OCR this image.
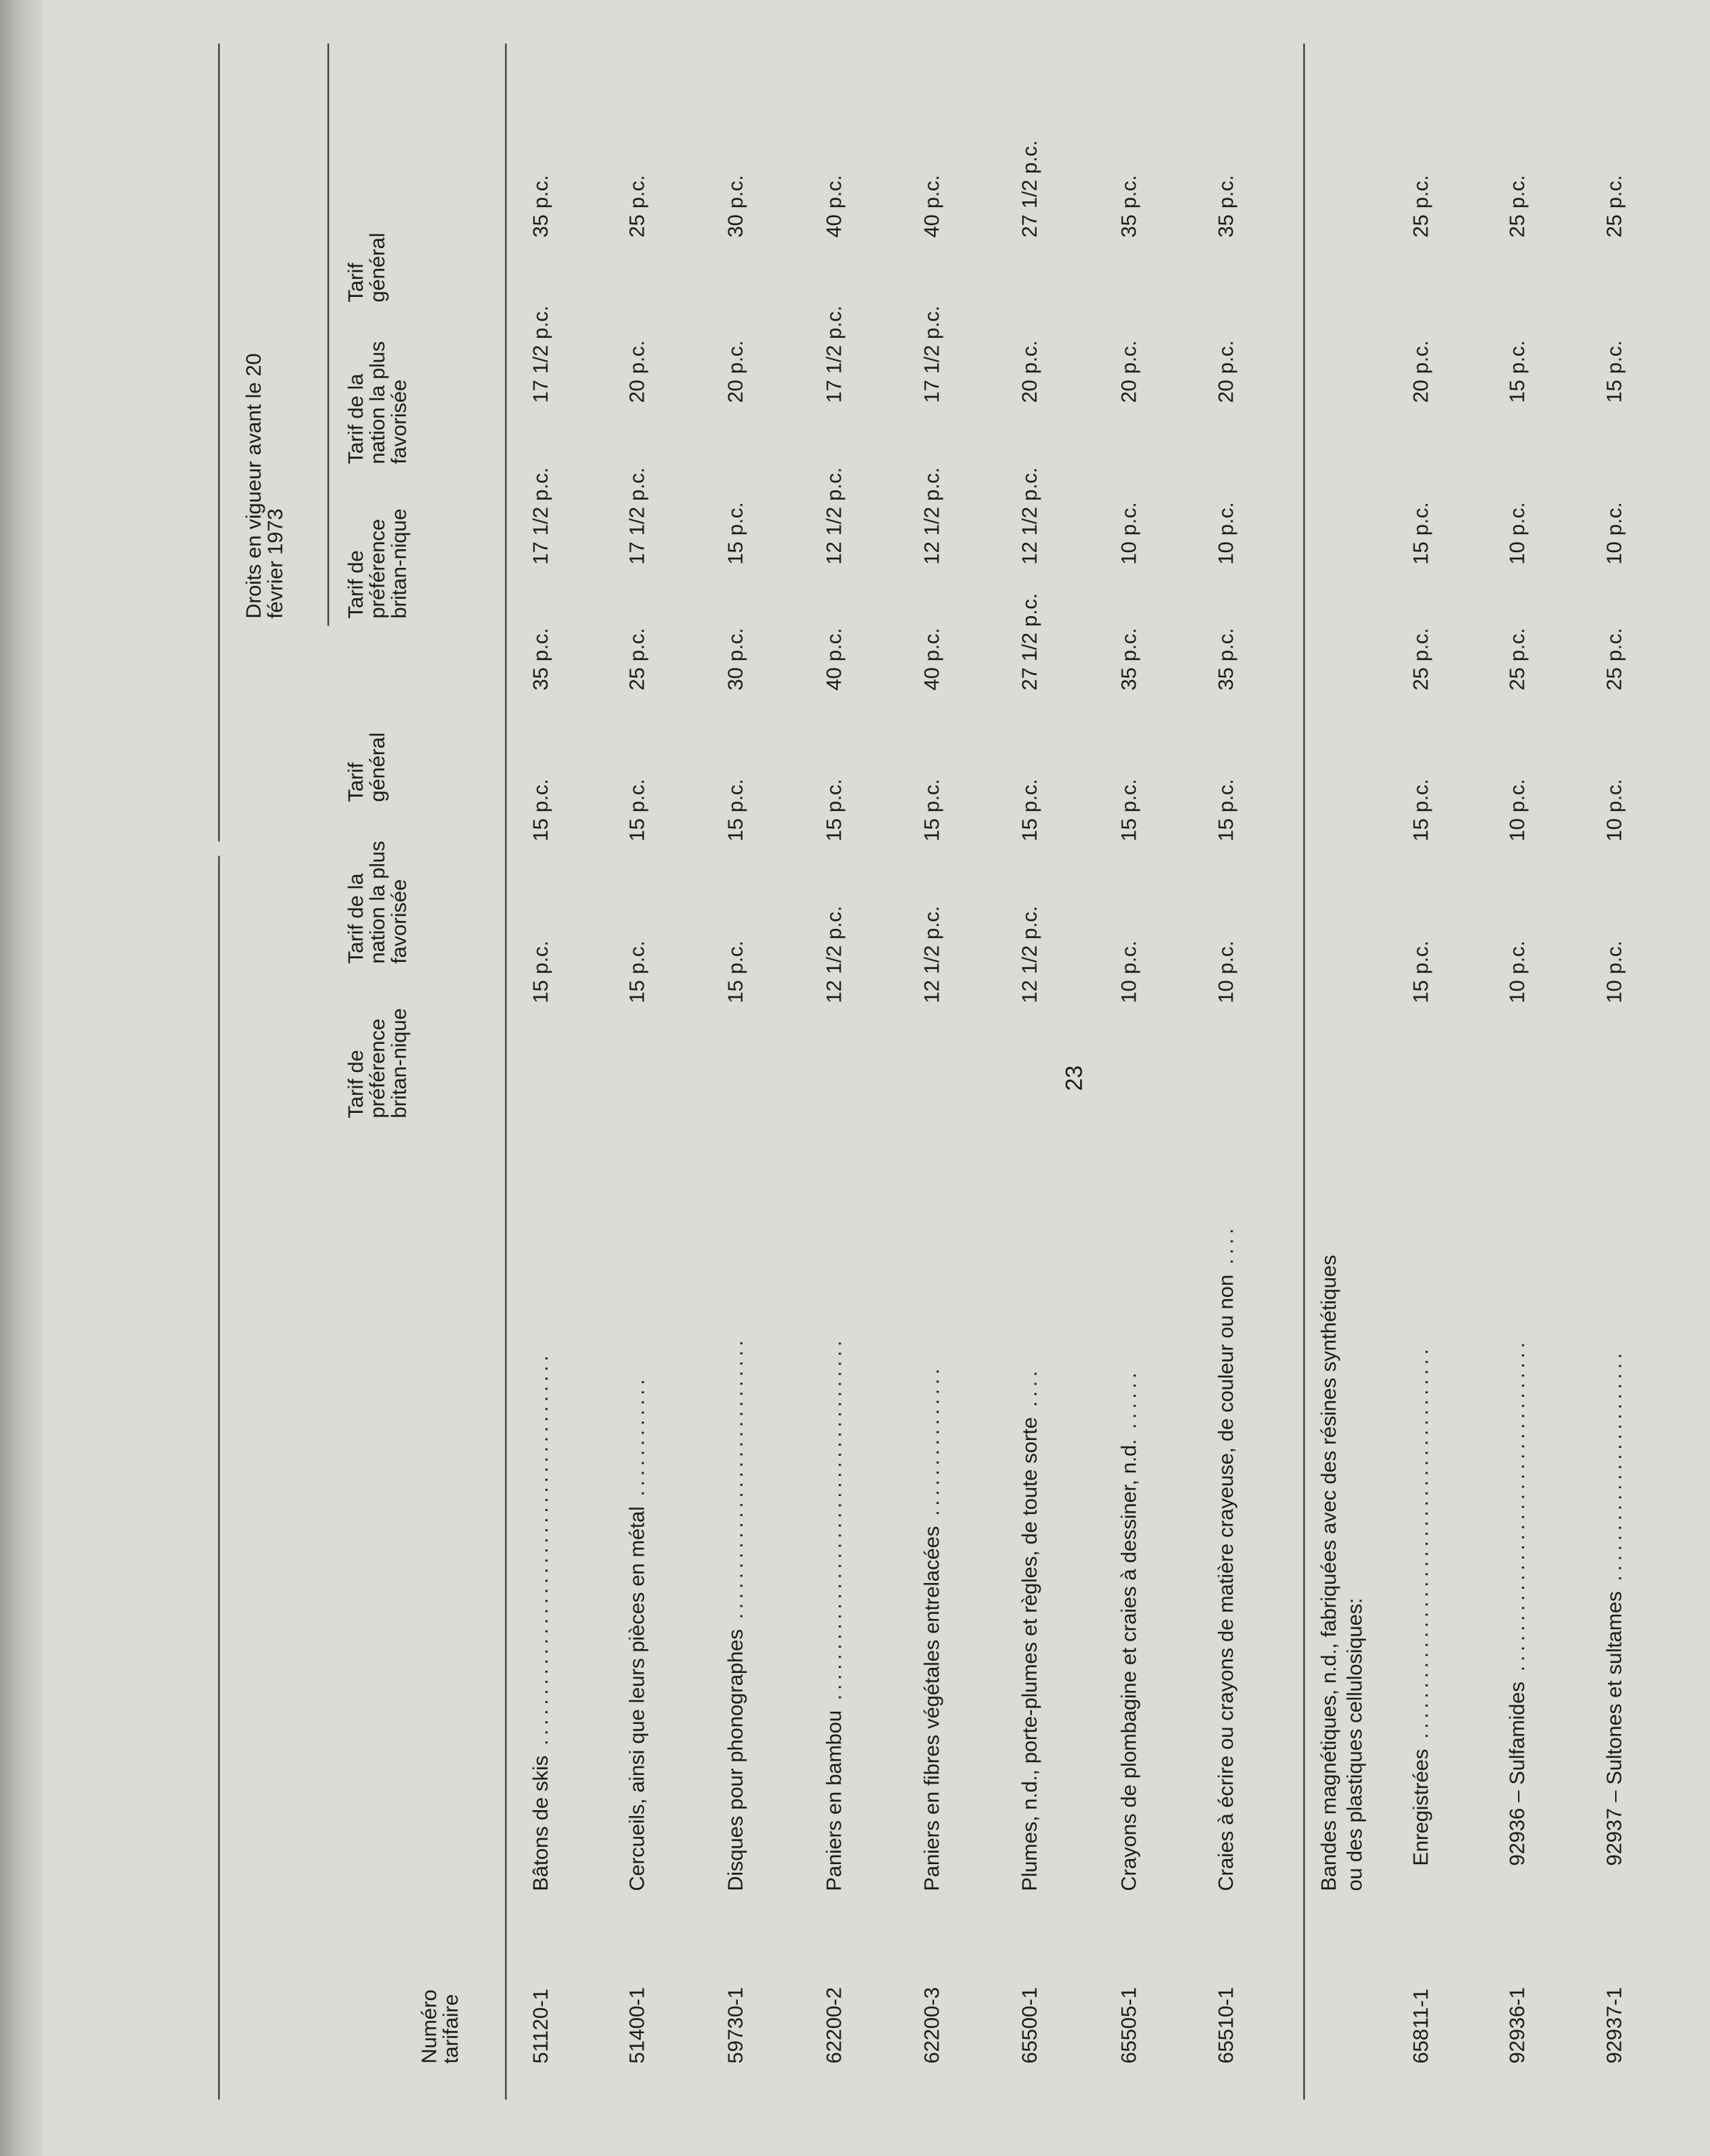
23
Numéro tarifaire
Droits en vigueur avant le 20 février 1973	Tarif de préférence britan-nique
Tarif de la nation la plus favorisée
Tarif général
51120-1
Bâtons de skis .......................................
15 p.c.
15 p.c.
35 p.c.
17 1/2 p.c.
17 1/2 p.c.
35 p.c.
51400-1
Cercueils, ainsi que leurs pièces en métal ............
15 p.c.
15 p.c.
25 p.c.
17 1/2 p.c.
20 p.c.
25 p.c.
59730-1
Disques pour phonographes ............................
15 p.c.
15 p.c.
30 p.c.
15 p.c.
20 p.c.
30 p.c.
62200-2
Paniers en bambou ....................................
12 1/2 p.c.
15 p.c.
40 p.c.
12 1/2 p.c.
17 1/2 p.c.
40 p.c.
62200-3
Paniers en fibres végétales entrelacées ...............
12 1/2 p.c.
15 p.c.
40 p.c.
12 1/2 p.c.
17 1/2 p.c.
40 p.c.
65500-1
Plumes, n.d., porte-plumes et règles, de toute sorte ....
12 1/2 p.c.
15 p.c.
27 1/2 p.c.
12 1/2 p.c.
20 p.c.
27 1/2 p.c.
65505-1
Crayons de plombagine et craies à dessiner, n.d. ......
10 p.c.
15 p.c.
35 p.c.
10 p.c.
20 p.c.
35 p.c.
65510-1
Craies à écrire ou crayons de matière crayeuse, de couleur ou non ....
10 p.c.
15 p.c.
35 p.c.
10 p.c.
20 p.c.
35 p.c.
Bandes magnétiques, n.d., fabriquées avec des résines synthétiques ou des plastiques cellulosiques:
65811-1
Enregistrées .......................................
15 p.c.
15 p.c.
25 p.c.
15 p.c.
20 p.c.
25 p.c.
92936-1
92936 – Sulfamides .................................
10 p.c.
10 p.c.
25 p.c.
10 p.c.
15 p.c.
25 p.c.
92937-1
92937 – Sultones et sultames .......................
10 p.c.
10 p.c.
25 p.c.
10 p.c.
15 p.c.
25 p.c.
Tarif de préférence britan-nique
Tarif de la nation la plus favorisée
Tarif général
